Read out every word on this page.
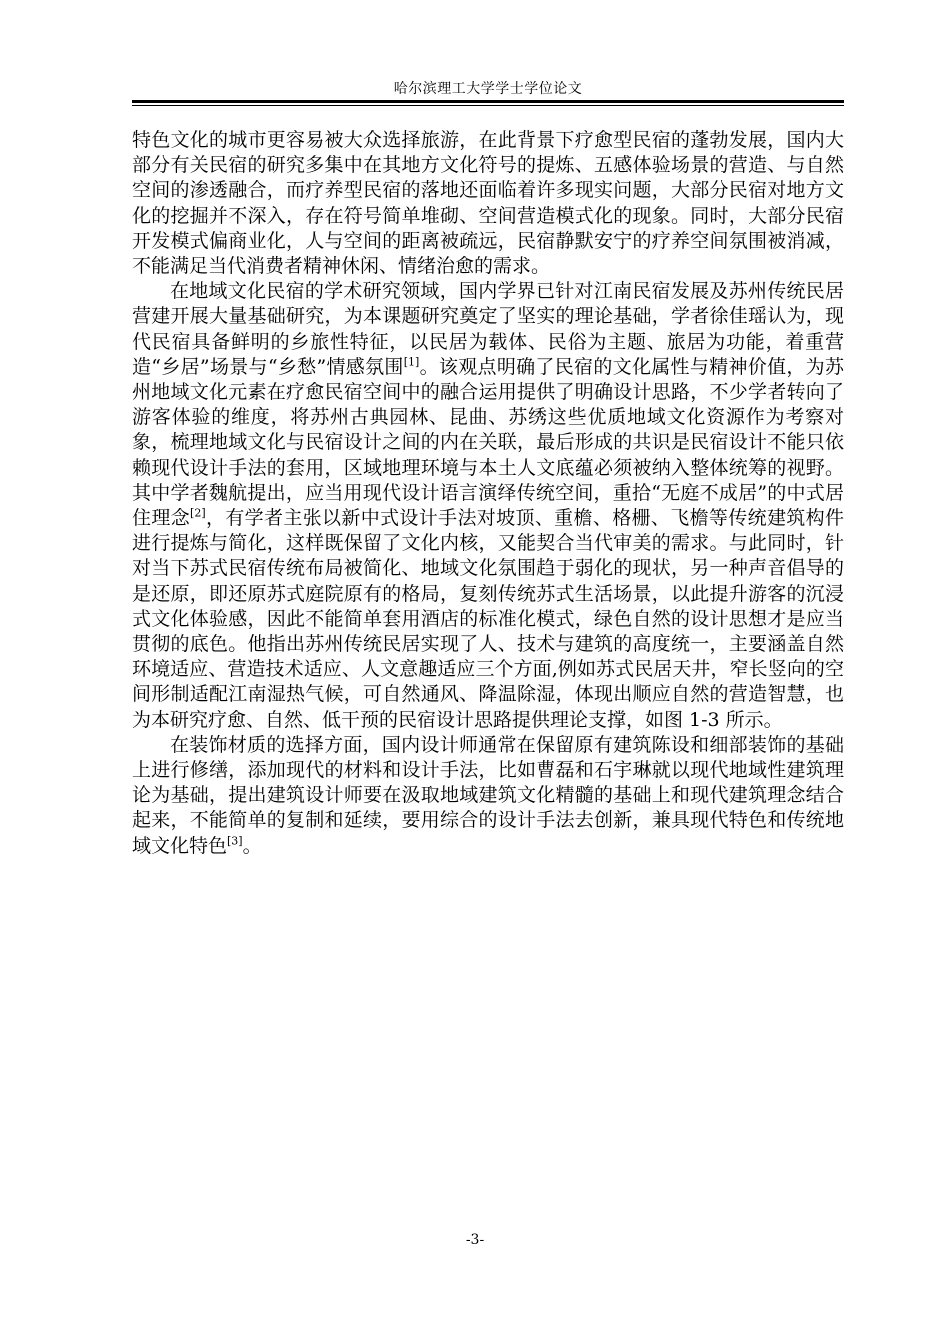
哈尔滨理工大学学士学位论文

特色文化的城市更容易被大众选择旅游，在此背景下疗愈型民宿的蓬勃发展，国内大部分有关民宿的研究多集中在其地方文化符号的提炼、五感体验场景的营造、与自然空间的渗透融合，而疗养型民宿的落地还面临着许多现实问题，大部分民宿对地方文化的挖掘并不深入，存在符号简单堆砌、空间营造模式化的现象。同时，大部分民宿开发模式偏商业化，人与空间的距离被疏远，民宿静默安宁的疗养空间氛围被消减，不能满足当代消费者精神休闲、情绪治愈的需求。

在地域文化民宿的学术研究领域，国内学界已针对江南民宿发展及苏州传统民居营建开展大量基础研究，为本课题研究奠定了坚实的理论基础，学者徐佳瑶认为，现代民宿具备鲜明的乡旅性特征，以民居为载体、民俗为主题、旅居为功能，着重营造“乡居”场景与“乡愁”情感氛围[1]。该观点明确了民宿的文化属性与精神价值，为苏州地域文化元素在疗愈民宿空间中的融合运用提供了明确设计思路，不少学者转向了游客体验的维度，将苏州古典园林、昆曲、苏绣这些优质地域文化资源作为考察对象，梳理地域文化与民宿设计之间的内在关联，最后形成的共识是民宿设计不能只依赖现代设计手法的套用，区域地理环境与本土人文底蕴必须被纳入整体统筹的视野。其中学者魏航提出，应当用现代设计语言演绎传统空间，重拾“无庭不成居”的中式居住理念[2]，有学者主张以新中式设计手法对坡顶、重檐、格栅、飞檐等传统建筑构件进行提炼与简化，这样既保留了文化内核，又能契合当代审美的需求。与此同时，针对当下苏式民宿传统布局被简化、地域文化氛围趋于弱化的现状，另一种声音倡导的是还原，即还原苏式庭院原有的格局，复刻传统苏式生活场景，以此提升游客的沉浸式文化体验感，因此不能简单套用酒店的标准化模式，绿色自然的设计思想才是应当贯彻的底色。他指出苏州传统民居实现了人、技术与建筑的高度统一，主要涵盖自然环境适应、营造技术适应、人文意趣适应三个方面,例如苏式民居天井，窄长竖向的空间形制适配江南湿热气候，可自然通风、降温除湿，体现出顺应自然的营造智慧，也为本研究疗愈、自然、低干预的民宿设计思路提供理论支撑，如图 1-3 所示。

在装饰材质的选择方面，国内设计师通常在保留原有建筑陈设和细部装饰的基础上进行修缮，添加现代的材料和设计手法，比如曹磊和石宇琳就以现代地域性建筑理论为基础，提出建筑设计师要在汲取地域建筑文化精髓的基础上和现代建筑理念结合起来，不能简单的复制和延续，要用综合的设计手法去创新，兼具现代特色和传统地域文化特色[3]。

-3-
